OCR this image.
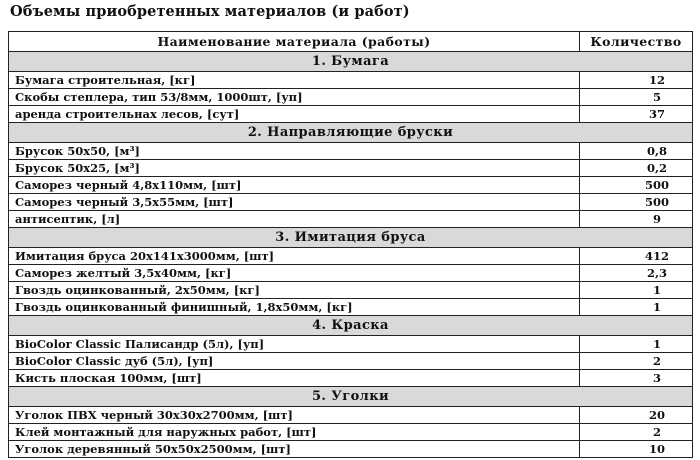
Объемы приобретенных материалов (и работ)
Наименование материала (работы)	Количество
1. Бумага	
Бумага строительная, [кг]	12
Скобы степлера, тип 53/8мм, 1000шт, [уп]	5
аренда строительнах лесов, [сут]	37
2. Направляющие бруски	
Брусок 50х50, [м³]	0,8
Брусок 50х25, [м³]	0,2
Саморез черный 4,8х110мм, [шт]	500
Саморез черный 3,5х55мм, [шт]	500
антисептик, [л]	9
3. Имитация бруса	
Имитация бруса 20х141х3000мм, [шт]	412
Саморез желтый 3,5х40мм, [кг]	2,3
Гвоздь оцинкованный, 2х50мм, [кг]	1
Гвоздь оцинкованный финишный, 1,8х50мм, [кг]	1
4. Краска	
BioColor Classic Палисандр (5л), [уп]	1
BioColor Classic дуб (5л), [уп]	2
Кисть плоская 100мм, [шт]	3
5. Уголки	
Уголок ПВХ черный 30х30х2700мм, [шт]	20
Клей монтажный для наружных работ, [шт]	2
Уголок деревянный 50х50х2500мм, [шт]	10
